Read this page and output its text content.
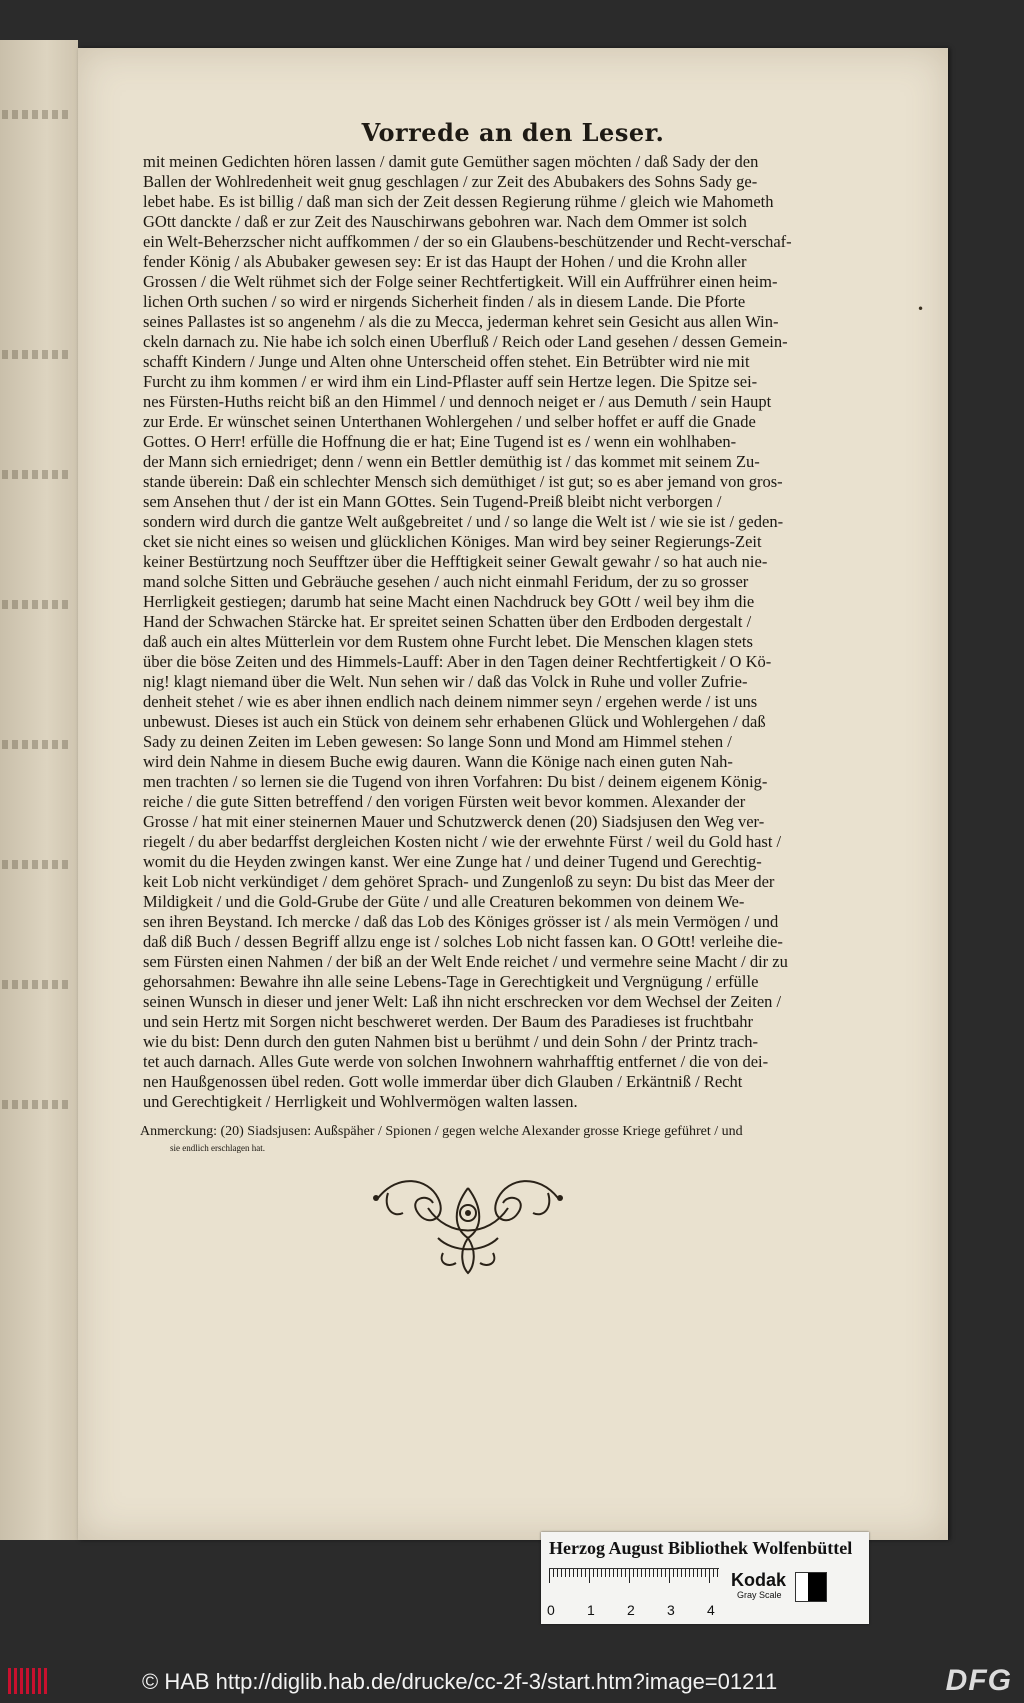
Vorrede an den Leser.
mit meinen Gedichten hören lassen / damit gute Gemüther sagen möchten / daß Sady der den
Ballen der Wohlredenheit weit gnug geschlagen / zur Zeit des Abubakers des Sohns Sady ge-
lebet habe. Es ist billig / daß man sich der Zeit dessen Regierung rühme / gleich wie Mahometh
GOtt danckte / daß er zur Zeit des Nauschirwans gebohren war. Nach dem Ommer ist solch
ein Welt-Beherzscher nicht auffkommen / der so ein Glaubens-beschützender und Recht-verschaf-
fender König / als Abubaker gewesen sey: Er ist das Haupt der Hohen / und die Krohn aller
Grossen / die Welt rühmet sich der Folge seiner Rechtfertigkeit. Will ein Auffrührer einen heim-
lichen Orth suchen / so wird er nirgends Sicherheit finden / als in diesem Lande. Die Pforte
seines Pallastes ist so angenehm / als die zu Mecca, jederman kehret sein Gesicht aus allen Win-
ckeln darnach zu. Nie habe ich solch einen Uberfluß / Reich oder Land gesehen / dessen Gemein-
schafft Kindern / Junge und Alten ohne Unterscheid offen stehet. Ein Betrübter wird nie mit
Furcht zu ihm kommen / er wird ihm ein Lind-Pflaster auff sein Hertze legen. Die Spitze sei-
nes Fürsten-Huths reicht biß an den Himmel / und dennoch neiget er / aus Demuth / sein Haupt
zur Erde. Er wünschet seinen Unterthanen Wohlergehen / und selber hoffet er auff die Gnade
Gottes. O Herr! erfülle die Hoffnung die er hat; Eine Tugend ist es / wenn ein wohlhaben-
der Mann sich erniedriget; denn / wenn ein Bettler demüthig ist / das kommet mit seinem Zu-
stande überein: Daß ein schlechter Mensch sich demüthiget / ist gut; so es aber jemand von gros-
sem Ansehen thut / der ist ein Mann GOttes. Sein Tugend-Preiß bleibt nicht verborgen /
sondern wird durch die gantze Welt außgebreitet / und / so lange die Welt ist / wie sie ist / geden-
cket sie nicht eines so weisen und glücklichen Königes. Man wird bey seiner Regierungs-Zeit
keiner Bestürtzung noch Seufftzer über die Hefftigkeit seiner Gewalt gewahr / so hat auch nie-
mand solche Sitten und Gebräuche gesehen / auch nicht einmahl Feridum, der zu so grosser
Herrligkeit gestiegen; darumb hat seine Macht einen Nachdruck bey GOtt / weil bey ihm die
Hand der Schwachen Stärcke hat. Er spreitet seinen Schatten über den Erdboden dergestalt /
daß auch ein altes Mütterlein vor dem Rustem ohne Furcht lebet. Die Menschen klagen stets
über die böse Zeiten und des Himmels-Lauff: Aber in den Tagen deiner Rechtfertigkeit / O Kö-
nig! klagt niemand über die Welt. Nun sehen wir / daß das Volck in Ruhe und voller Zufrie-
denheit stehet / wie es aber ihnen endlich nach deinem nimmer seyn / ergehen werde / ist uns
unbewust. Dieses ist auch ein Stück von deinem sehr erhabenen Glück und Wohlergehen / daß
Sady zu deinen Zeiten im Leben gewesen: So lange Sonn und Mond am Himmel stehen /
wird dein Nahme in diesem Buche ewig dauren. Wann die Könige nach einen guten Nah-
men trachten / so lernen sie die Tugend von ihren Vorfahren: Du bist / deinem eigenem König-
reiche / die gute Sitten betreffend / den vorigen Fürsten weit bevor kommen. Alexander der
Grosse / hat mit einer steinernen Mauer und Schutzwerck denen (20) Siadsjusen den Weg ver-
riegelt / du aber bedarffst dergleichen Kosten nicht / wie der erwehnte Fürst / weil du Gold hast /
womit du die Heyden zwingen kanst. Wer eine Zunge hat / und deiner Tugend und Gerechtig-
keit Lob nicht verkündiget / dem gehöret Sprach- und Zungenloß zu seyn: Du bist das Meer der
Mildigkeit / und die Gold-Grube der Güte / und alle Creaturen bekommen von deinem We-
sen ihren Beystand. Ich mercke / daß das Lob des Königes grösser ist / als mein Vermögen / und
daß diß Buch / dessen Begriff allzu enge ist / solches Lob nicht fassen kan. O GOtt! verleihe die-
sem Fürsten einen Nahmen / der biß an der Welt Ende reichet / und vermehre seine Macht / dir zu
gehorsahmen: Bewahre ihn alle seine Lebens-Tage in Gerechtigkeit und Vergnügung / erfülle
seinen Wunsch in dieser und jener Welt: Laß ihn nicht erschrecken vor dem Wechsel der Zeiten /
und sein Hertz mit Sorgen nicht beschweret werden. Der Baum des Paradieses ist fruchtbahr
wie du bist: Denn durch den guten Nahmen bist u berühmt / und dein Sohn / der Printz trach-
tet auch darnach. Alles Gute werde von solchen Inwohnern wahrhafftig entfernet / die von dei-
nen Haußgenossen übel reden. Gott wolle immerdar über dich Glauben / Erkäntniß / Recht
und Gerechtigkeit / Herrligkeit und Wohlvermögen walten lassen.
•
Anmerckung: (20) Siadsjusen: Außspäher / Spionen / gegen welche Alexander grosse Kriege geführet / und
sie endlich erschlagen hat.
Herzog August Bibliothek Wolfenbüttel
0 1 2 3 4
Kodak
Gray Scale
© HAB http://diglib.hab.de/drucke/cc-2f-3/start.htm?image=01211	DFG
